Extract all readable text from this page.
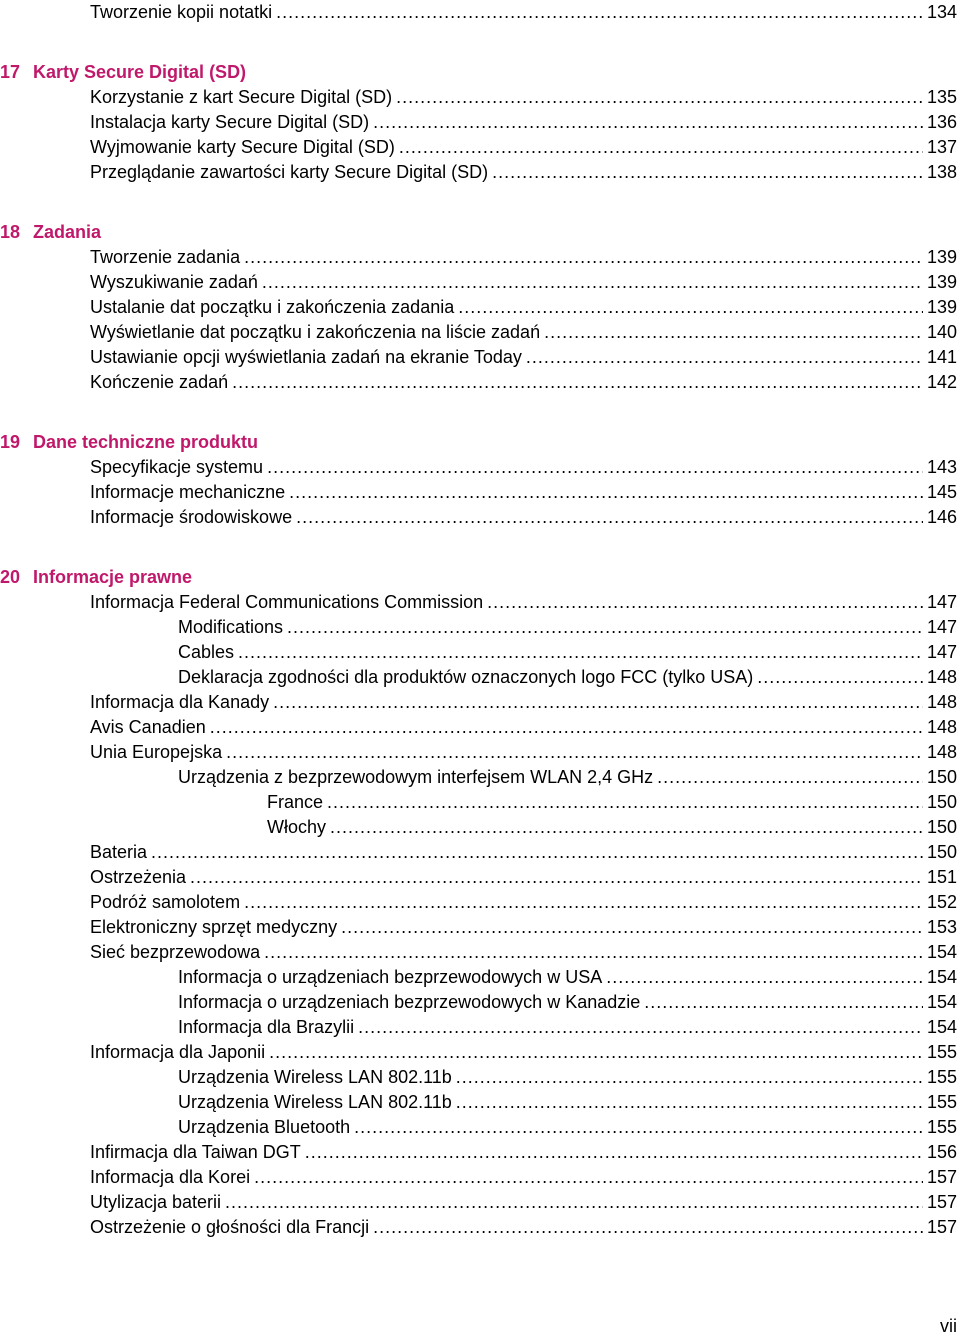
Tworzenie kopii notatki .....	134
17 Karty Secure Digital (SD)
Korzystanie z kart Secure Digital (SD) .....	135
Instalacja karty Secure Digital (SD) .....	136
Wyjmowanie karty Secure Digital (SD) .....	137
Przeglądanie zawartości karty Secure Digital (SD) .....	138
18 Zadania
Tworzenie zadania .....	139
Wyszukiwanie zadań .....	139
Ustalanie dat początku i zakończenia zadania .....	139
Wyświetlanie dat początku i zakończenia na liście zadań .....	140
Ustawianie opcji wyświetlania zadań na ekranie Today .....	141
Kończenie zadań .....	142
19 Dane techniczne produktu
Specyfikacje systemu .....	143
Informacje mechaniczne .....	145
Informacje środowiskowe .....	146
20 Informacje prawne
Informacja Federal Communications Commission .....	147
Modifications .....	147
Cables .....	147
Deklaracja zgodności dla produktów oznaczonych logo FCC (tylko USA) .....	148
Informacja dla Kanady .....	148
Avis Canadien .....	148
Unia Europejska .....	148
Urządzenia z bezprzewodowym interfejsem WLAN 2,4 GHz .....	150
France .....	150
Włochy .....	150
Bateria .....	150
Ostrzeżenia .....	151
Podróż samolotem .....	152
Elektroniczny sprzęt medyczny .....	153
Sieć bezprzewodowa .....	154
Informacja o urządzeniach bezprzewodowych w USA .....	154
Informacja o urządzeniach bezprzewodowych w Kanadzie .....	154
Informacja dla Brazylii .....	154
Informacja dla Japonii .....	155
Urządzenia Wireless LAN 802.11b .....	155
Urządzenia Wireless LAN 802.11b .....	155
Urządzenia Bluetooth .....	155
Infirmacja dla Taiwan DGT .....	156
Informacja dla Korei .....	157
Utylizacja baterii .....	157
Ostrzeżenie o głośności dla Francji .....	157
vii
